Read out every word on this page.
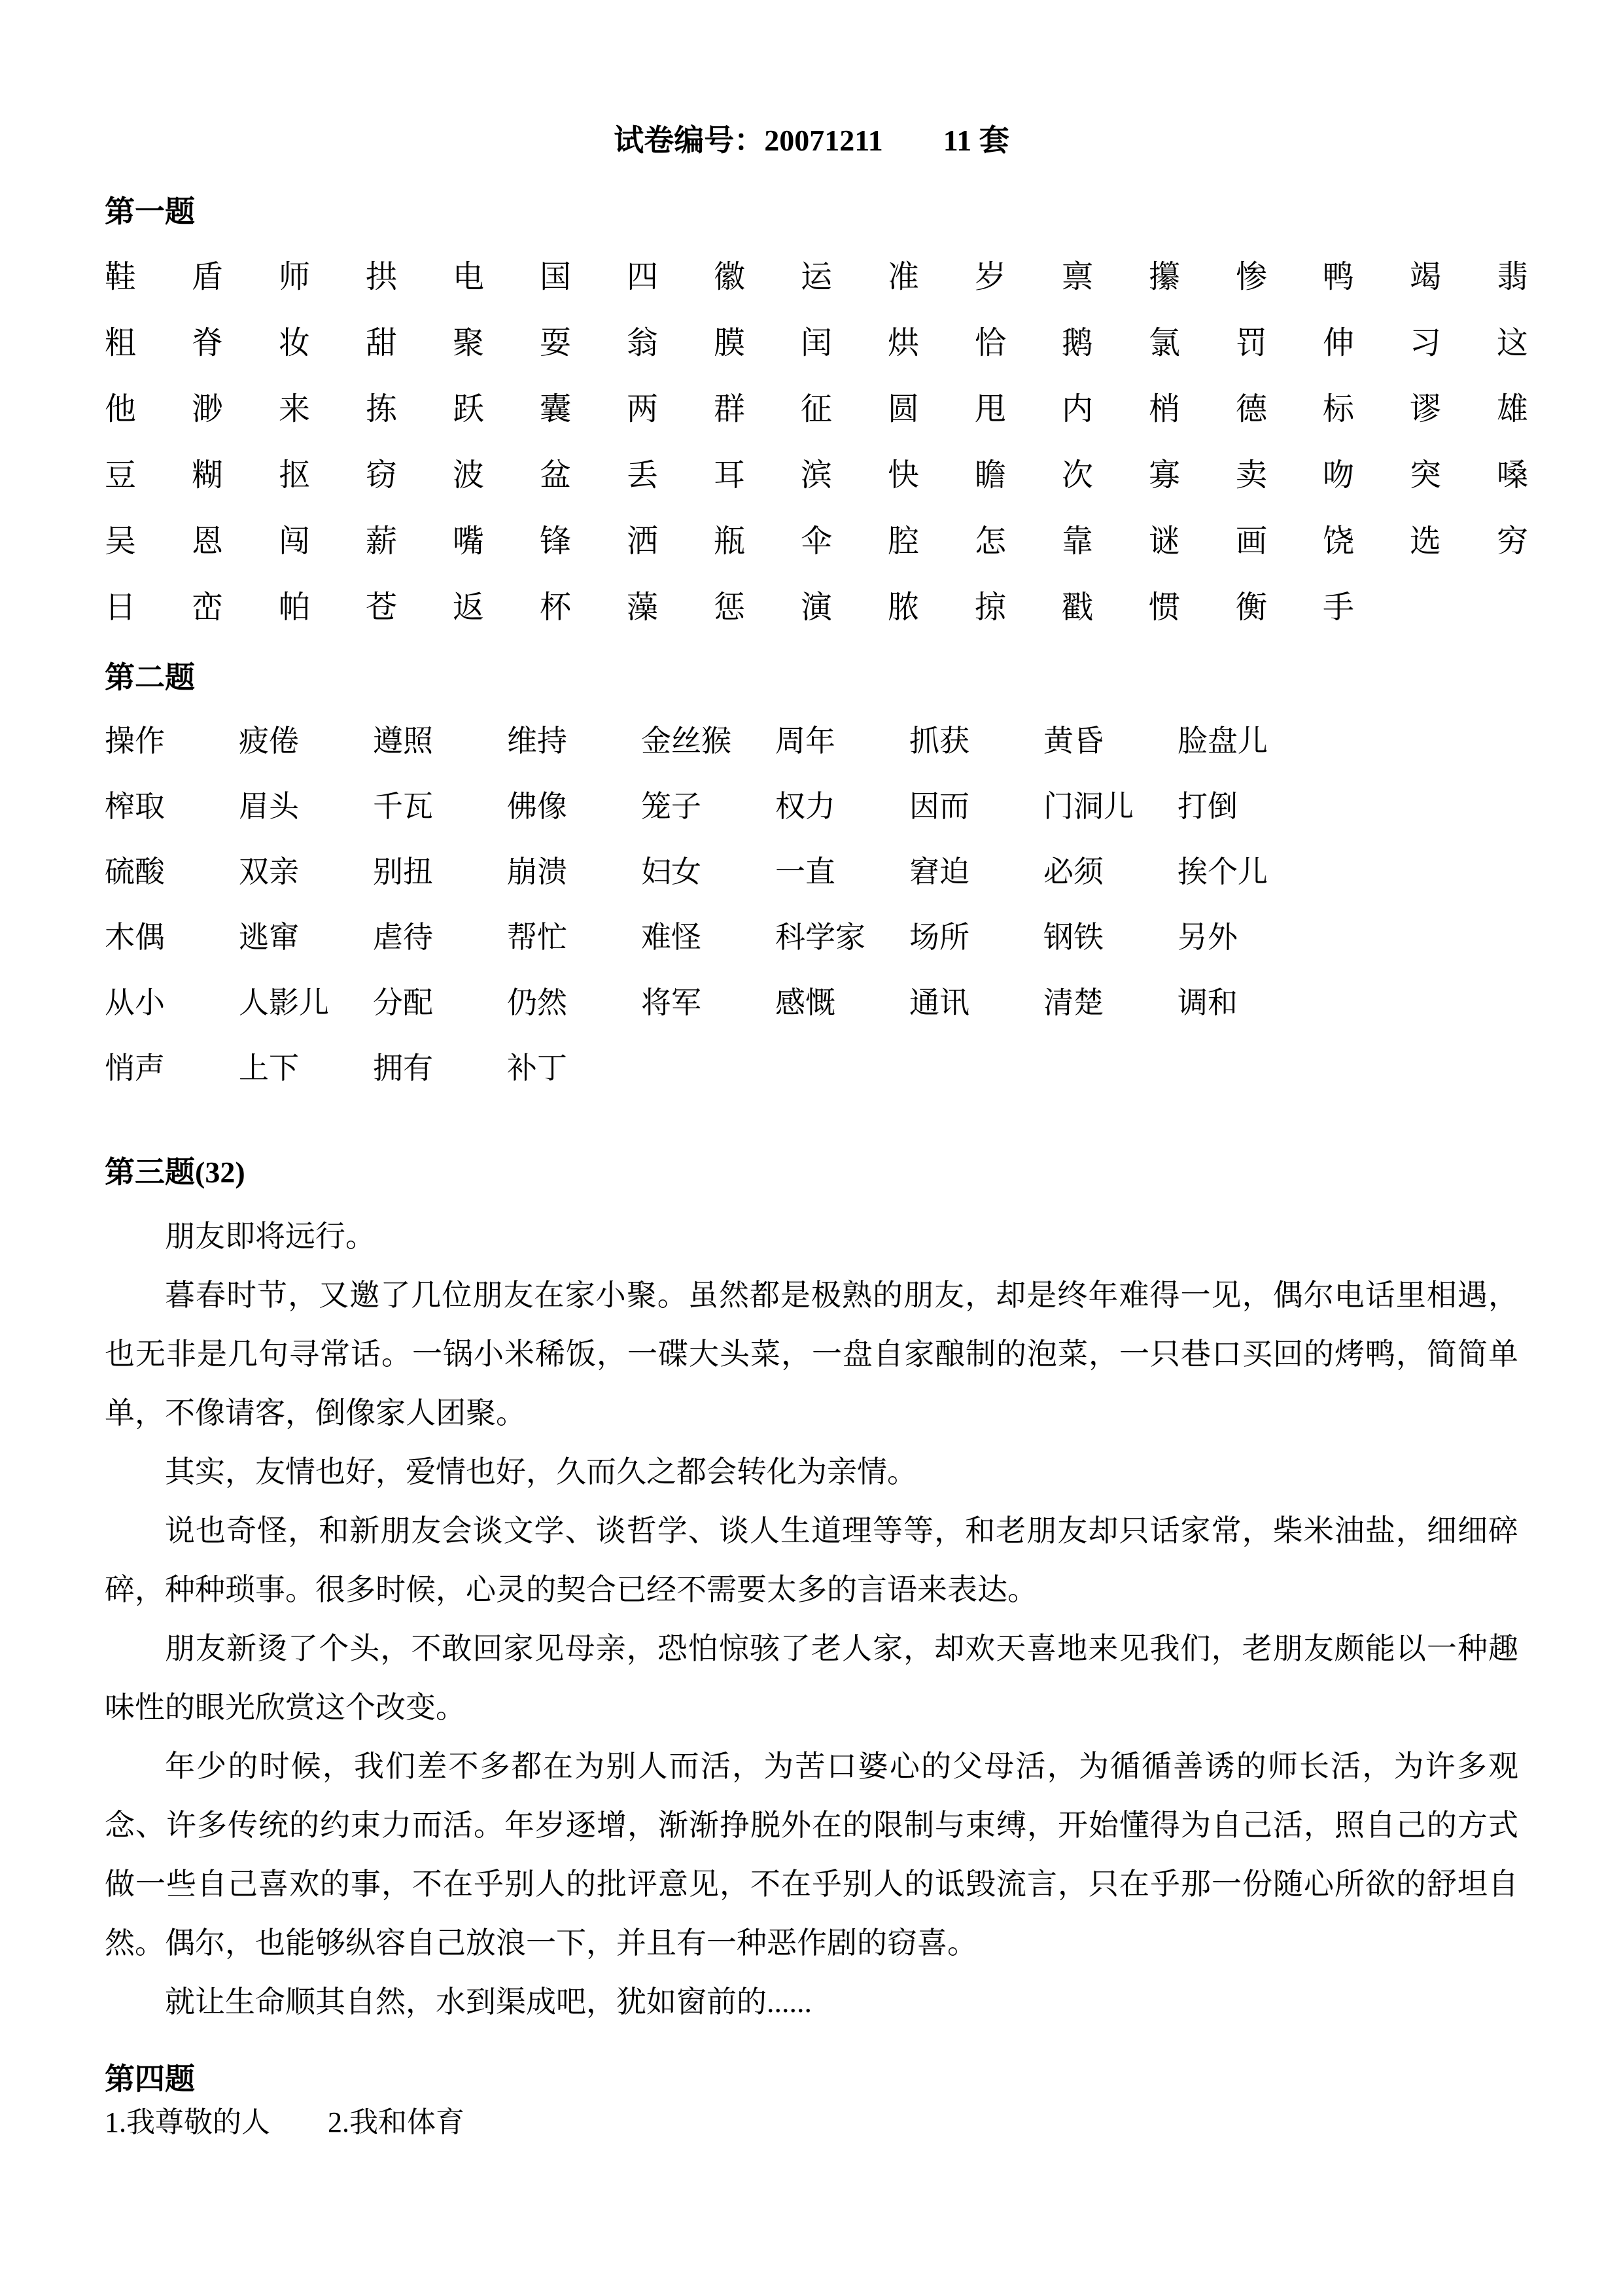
试卷编号：20071211　　11 套
第一题
鞋 盾 师 拱 电 国 四 徽 运 准 岁 禀 攥 惨 鸭 竭 翡
粗 脊 妆 甜 聚 耍 翁 膜 闰 烘 恰 鹅 氯 罚 伸 习 这
他 渺 来 拣 跃 囊 两 群 征 圆 甩 内 梢 德 标 谬 雄
豆 糊 抠 窃 波 盆 丢 耳 滨 快 瞻 次 寡 卖 吻 突 嗓
吴 恩 闯 薪 嘴 锋 洒 瓶 伞 腔 怎 靠 谜 画 饶 选 穷
日 峦 帕 苍 返 杯 藻 惩 演 脓 掠 戳 惯 衡 手
第二题
操作 疲倦 遵照 维持 金丝猴 周年 抓获 黄昏 脸盘儿
榨取 眉头 千瓦 佛像 笼子 权力 因而 门洞儿 打倒
硫酸 双亲 别扭 崩溃 妇女 一直 窘迫 必须 挨个儿
木偶 逃窜 虐待 帮忙 难怪 科学家 场所 钢铁 另外
从小 人影儿 分配 仍然 将军 感慨 通讯 清楚 调和
悄声 上下 拥有 补丁
第三题(32)

朋友即将远行。

暮春时节，又邀了几位朋友在家小聚。虽然都是极熟的朋友，却是终年难得一见，偶尔电话里相遇，也无非是几句寻常话。一锅小米稀饭，一碟大头菜，一盘自家酿制的泡菜，一只巷口买回的烤鸭，简简单单，不像请客，倒像家人团聚。

其实，友情也好，爱情也好，久而久之都会转化为亲情。

说也奇怪，和新朋友会谈文学、谈哲学、谈人生道理等等，和老朋友却只话家常，柴米油盐，细细碎碎，种种琐事。很多时候，心灵的契合已经不需要太多的言语来表达。

朋友新烫了个头，不敢回家见母亲，恐怕惊骇了老人家，却欢天喜地来见我们，老朋友颇能以一种趣味性的眼光欣赏这个改变。

年少的时候，我们差不多都在为别人而活，为苦口婆心的父母活，为循循善诱的师长活，为许多观念、许多传统的约束力而活。年岁逐增，渐渐挣脱外在的限制与束缚，开始懂得为自己活，照自己的方式做一些自己喜欢的事，不在乎别人的批评意见，不在乎别人的诋毁流言，只在乎那一份随心所欲的舒坦自然。偶尔，也能够纵容自己放浪一下，并且有一种恶作剧的窃喜。

就让生命顺其自然，水到渠成吧，犹如窗前的......

第四题
1.我尊敬的人　　2.我和体育
